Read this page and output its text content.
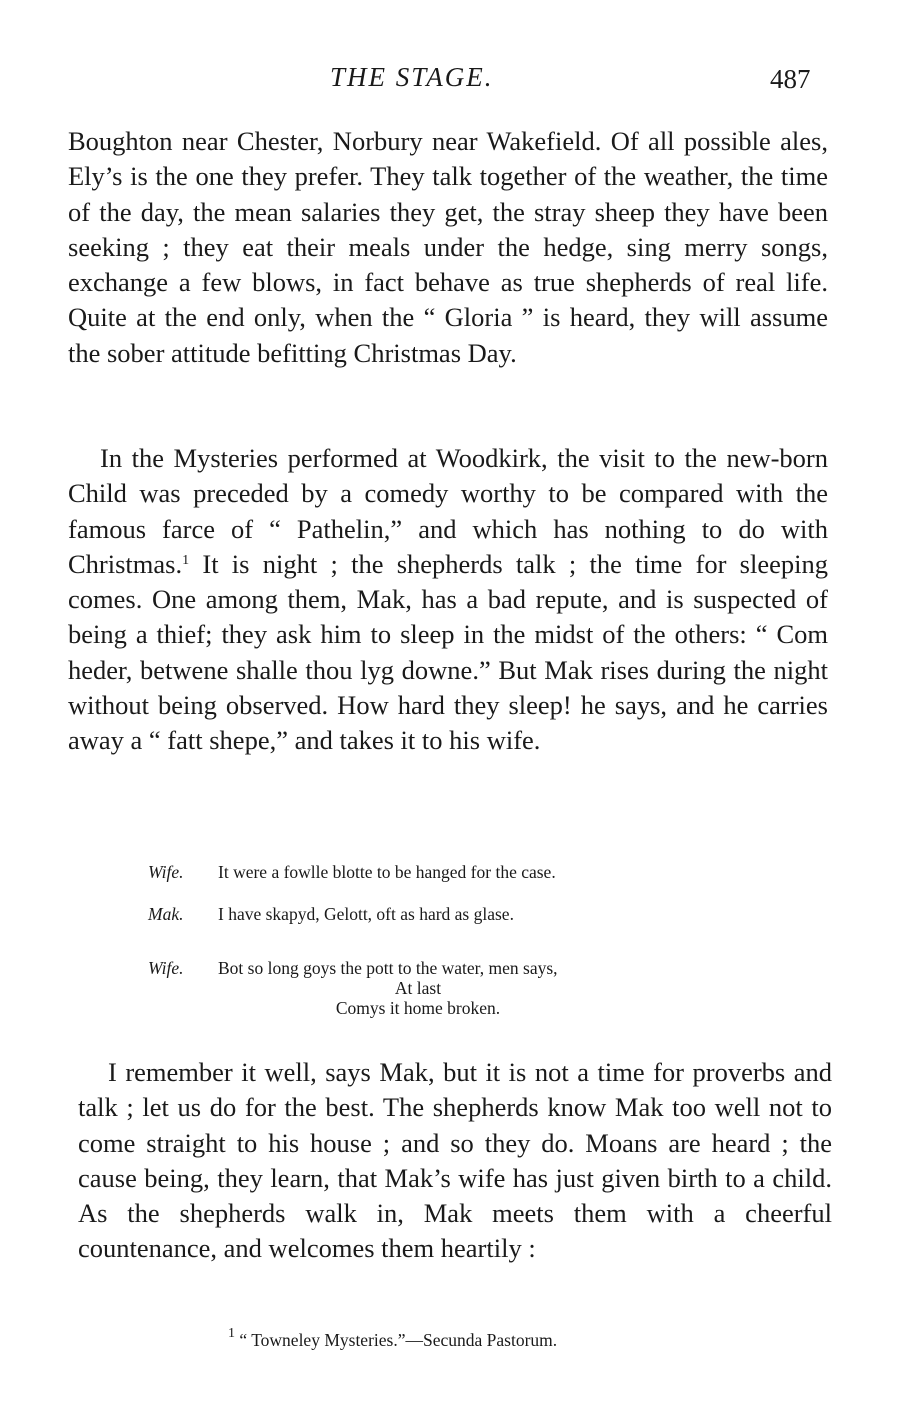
THE STAGE.	487

Boughton near Chester, Norbury near Wakefield. Of all possible ales, Ely’s is the one they prefer. They talk together of the weather, the time of the day, the mean salaries they get, the stray sheep they have been seeking ; they eat their meals under the hedge, sing merry songs, exchange a few blows, in fact behave as true shepherds of real life. Quite at the end only, when the “ Gloria ” is heard, they will assume the sober attitude befitting Christmas Day.

In the Mysteries performed at Woodkirk, the visit to the new-born Child was preceded by a comedy worthy to be compared with the famous farce of “ Pathelin,” and which has nothing to do with Christmas.$^1$ It is night ; the shepherds talk ; the time for sleeping comes. One among them, Mak, has a bad repute, and is suspected of being a thief; they ask him to sleep in the midst of the others: “ Com heder, betwene shalle thou lyg downe.” But Mak rises during the night without being observed. How hard they sleep! he says, and he carries away a “ fatt shepe,” and takes it to his wife.

Wife. It were a fowlle blotte to be hanged for the case.
Mak. I have skapyd, Gelott, oft as hard as glase.
Wife. Bot so long goys the pott to the water, men says,
At last
Comys it home broken.

I remember it well, says Mak, but it is not a time for proverbs and talk ; let us do for the best. The shepherds know Mak too well not to come straight to his house ; and so they do. Moans are heard ; the cause being, they learn, that Mak’s wife has just given birth to a child. As the shepherds walk in, Mak meets them with a cheerful countenance, and welcomes them heartily :

$^1$ “ Towneley Mysteries.”—Secunda Pastorum.
